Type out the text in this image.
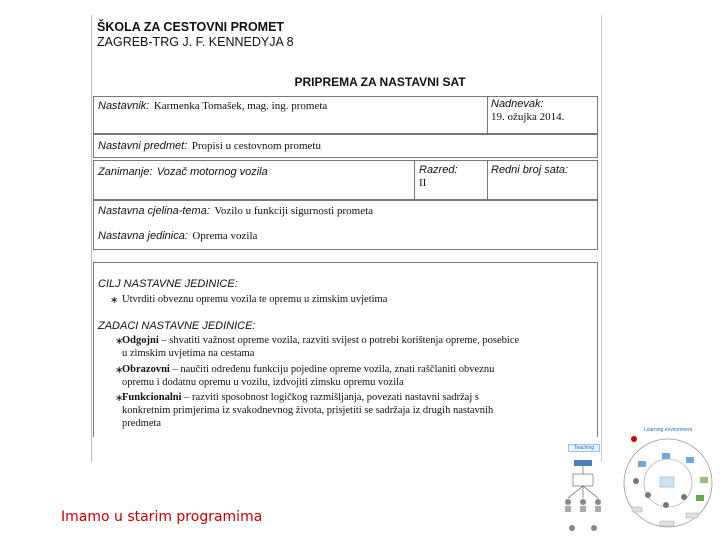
ŠKOLA ZA CESTOVNI PROMET
ZAGREB-TRG J. F. KENNEDYJA 8
PRIPREMA ZA NASTAVNI SAT
Nastavnik: Karmenka Tomašek, mag. ing. prometa	Nadnevak:
19. ožujka 2014.
Nastavni predmet: Propisi u cestovnom prometu
Zanimanje: Vozač motornog vozila	Razred:
II
Redni broj sata:
Nastavna cjelina-tema: Vozilo u funkciji sigurnosti prometa
Nastavna jedinica: Oprema vozila
CILJ NASTAVNE JEDINICE:
∗ Utvrditi obveznu opremu vozila te opremu u zimskim uvjetima
ZADACI NASTAVNE JEDINICE:
∗
Odgojni – shvatiti važnost opreme vozila, razviti svijest o potrebi korištenja opreme, posebice
u zimskim uvjetima na cestama
∗
Obrazovni – naučiti određenu funkciju pojedine opreme vozila, znati raščlaniti obveznu
opremu i dodatnu opremu u vozilu, izdvojiti zimsku opremu vozila
∗
Funkcionalni – razviti sposobnost logičkog razmišljanja, povezati nastavni sadržaj s
konkretnim primjerima iz svakodnevnog života, prisjetiti se sadržaja iz drugih nastavnih
predmeta
Imamo u starim programima
Teaching
Learning environment
